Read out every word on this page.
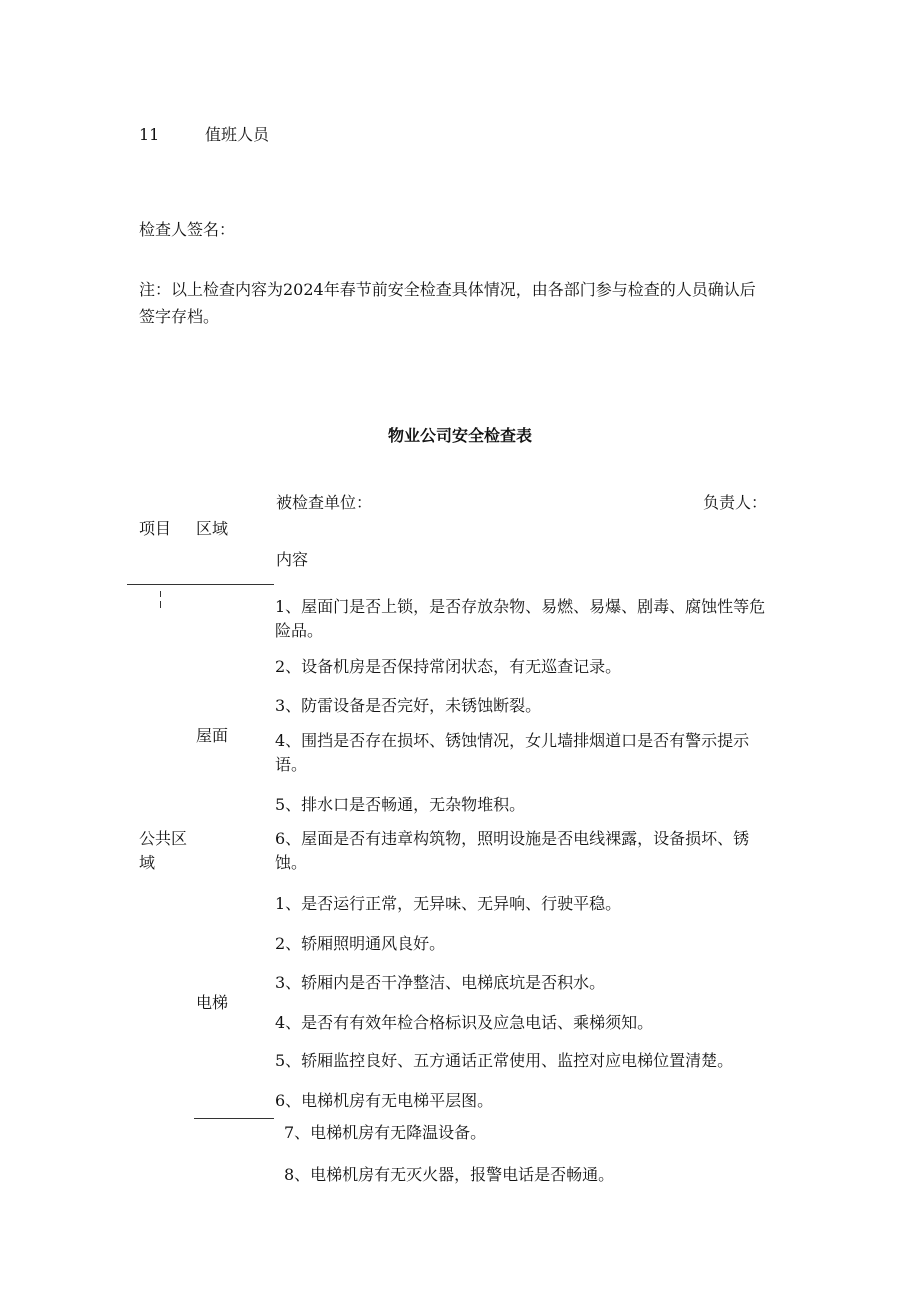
11	值班人员
检查人签名：
注：以上检查内容为2024年春节前安全检查具体情况，由各部门参与检查的人员确认后
签字存档。
物业公司安全检查表
被检查单位：	负责人：
项目 区域
内容
公共区
域
屋面
1、屋面门是否上锁，是否存放杂物、易燃、易爆、剧毒、腐蚀性等危
险品。
2、设备机房是否保持常闭状态，有无巡查记录。
3、防雷设备是否完好，未锈蚀断裂。
4、围挡是否存在损坏、锈蚀情况，女儿墙排烟道口是否有警示提示
语。
5、排水口是否畅通，无杂物堆积。
6、屋面是否有违章构筑物，照明设施是否电线裸露，设备损坏、锈
蚀。
电梯
1、是否运行正常，无异味、无异响、行驶平稳。
2、轿厢照明通风良好。
3、轿厢内是否干净整洁、电梯底坑是否积水。
4、是否有有效年检合格标识及应急电话、乘梯须知。
5、轿厢监控良好、五方通话正常使用、监控对应电梯位置清楚。
6、电梯机房有无电梯平层图。
7、电梯机房有无降温设备。
8、电梯机房有无灭火器，报警电话是否畅通。
